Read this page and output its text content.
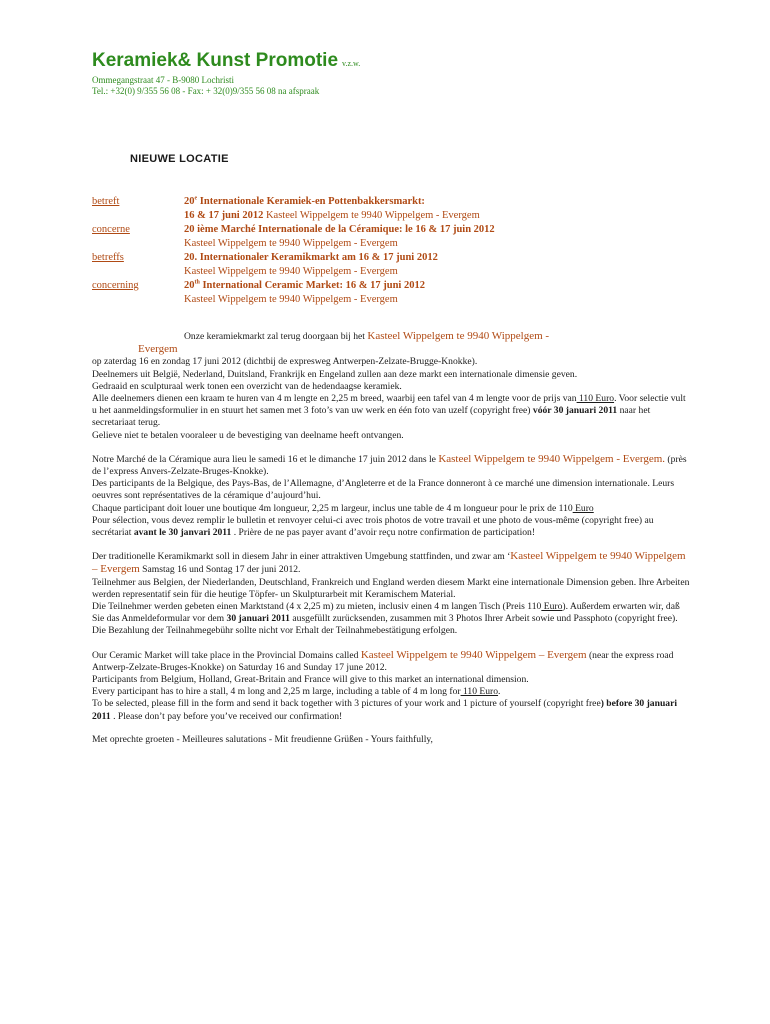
Keramiek& Kunst Promotie v.z.w.
Ommegangstraat 47 - B-9080 Lochristi
Tel.: +32(0) 9/355 56 08 - Fax: + 32(0)9/355 56 08 na afspraak
NIEUWE LOCATIE
betreft	20e Internationale Keramiek-en Pottenbakkersmarkt:
16 & 17 juni 2012 Kasteel Wippelgem te 9940 Wippelgem - Evergem
concerne	20 ième Marché Internationale de la Céramique: le 16 & 17 juin 2012
Kasteel Wippelgem te 9940 Wippelgem - Evergem
betreffs	20. Internationaler Keramikmarkt am 16 & 17 juni 2012
Kasteel Wippelgem te 9940 Wippelgem - Evergem
concerning	20th International Ceramic Market: 16 & 17 juni 2012
Kasteel Wippelgem te 9940 Wippelgem - Evergem

Onze keramiekmarkt zal terug doorgaan bij het Kasteel Wippelgem te 9940 Wippelgem -
Evergem
op zaterdag 16 en zondag 17 juni 2012 (dichtbij de expresweg Antwerpen-Zelzate-Brugge-Knokke).
Deelnemers uit België, Nederland, Duitsland, Frankrijk en Engeland zullen aan deze markt een internationale dimensie geven.
Gedraaid en sculpturaal werk tonen een overzicht van de hedendaagse keramiek.
Alle deelnemers dienen een kraam te huren van 4 m lengte en 2,25 m breed, waarbij een tafel van 4 m lengte voor de prijs van 110 Euro. Voor selectie vult u het aanmeldingsformulier in en stuurt het samen met 3 foto’s van uw werk en één foto van uzelf (copyright free) vóór 30 januari 2011 naar het secretariaat terug.
Gelieve niet te betalen vooraleer u de bevestiging van deelname heeft ontvangen.

Notre Marché de la Céramique aura lieu le samedi 16 et le dimanche 17 juin 2012 dans le Kasteel Wippelgem te 9940 Wippelgem - Evergem. (près de l’express Anvers-Zelzate-Bruges-Knokke).
Des participants de la Belgique, des Pays-Bas, de l’Allemagne, d’Angleterre et de la France donneront à ce marché une dimension internationale. Leurs oeuvres sont représentatives de la céramique d’aujourd’hui.
Chaque participant doit louer une boutique 4m longueur, 2,25 m largeur, inclus une table de 4 m longueur pour le prix de 110 Euro
Pour sélection, vous devez remplir le bulletin et renvoyer celui-ci avec trois photos de votre travail et une photo de vous-même (copyright free) au secrétariat avant le 30 janvari 2011 . Prière de ne pas payer avant d’avoir reçu notre confirmation de participation!

Der traditionelle Keramikmarkt soll in diesem Jahr in einer attraktiven Umgebung stattfinden, und zwar am ‘Kasteel Wippelgem te 9940 Wippelgem – Evergem Samstag 16 und Sontag 17 der juni 2012.
Teilnehmer aus Belgien, der Niederlanden, Deutschland, Frankreich und England werden diesem Markt eine internationale Dimension geben. Ihre Arbeiten werden representatif sein für die heutige Töpfer- un Skulpturarbeit mit Keramischem Material.
Die Teilnehmer werden gebeten einen Marktstand (4 x 2,25 m) zu mieten, inclusiv einen 4 m langen Tisch (Preis 110 Euro). Außerdem erwarten wir, daß Sie das Anmeldeformular vor dem 30 januari 2011 ausgefüllt zurücksenden, zusammen mit 3 Photos Ihrer Arbeit sowie und Passphoto (copyright free). Die Bezahlung der Teilnahmegebühr sollte nicht vor Erhalt der Teilnahmebestätigung erfolgen.

Our Ceramic Market will take place in the Provincial Domains called Kasteel Wippelgem te 9940 Wippelgem – Evergem (near the express road Antwerp-Zelzate-Bruges-Knokke) on Saturday 16 and Sunday 17 june 2012.
Participants from Belgium, Holland, Great-Britain and France will give to this market an international dimension.
Every participant has to hire a stall, 4 m long and 2,25 m large, including a table of 4 m long for 110 Euro.
To be selected, please fill in the form and send it back together with 3 pictures of your work and 1 picture of yourself (copyright free) before 30 januari 2011 . Please don’t pay before you’ve received our confirmation!

Met oprechte groeten - Meilleures salutations - Mit freudienne Grüßen - Yours faithfully,
